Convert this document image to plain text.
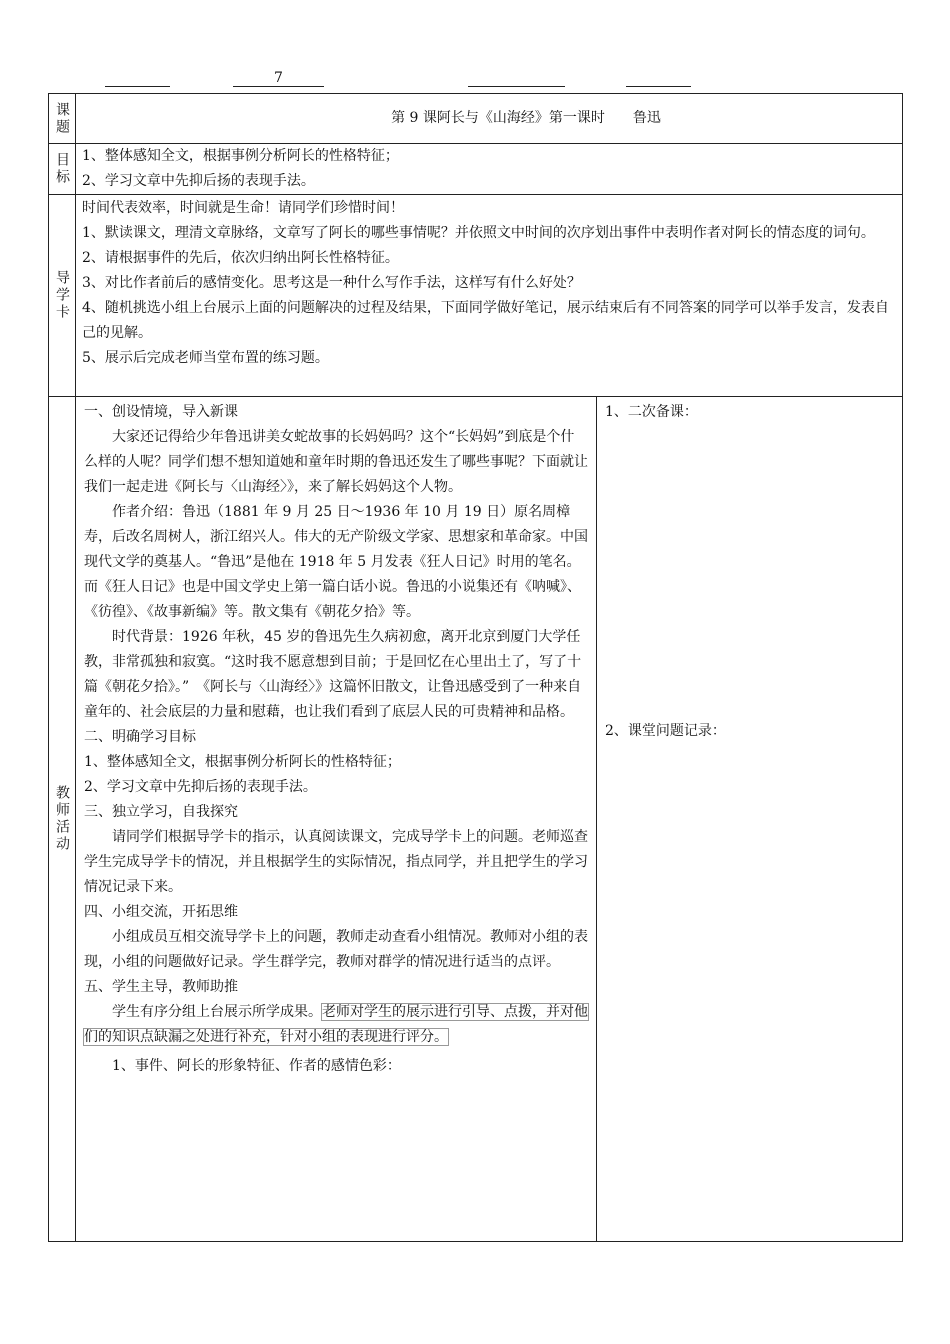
7
课题	第 9 课阿长与《山海经》第一课时　　鲁迅
目标 1、整体感知全文，根据事例分析阿长的性格特征；

2、学习文章中先抑后扬的表现手法。

导学卡

时间代表效率，时间就是生命！请同学们珍惜时间！

1、默读课文，理清文章脉络，文章写了阿长的哪些事情呢？并依照文中时间的次序划出事件中表明作者对阿长的情态度的词句。

2、请根据事件的先后，依次归纳出阿长性格特征。

3、对比作者前后的感情变化。思考这是一种什么写作手法，这样写有什么好处？

4、随机挑选小组上台展示上面的问题解决的过程及结果，下面同学做好笔记，展示结束后有不同答案的同学可以举手发言，发表自己的见解。

5、展示后完成老师当堂布置的练习题。

教师活动

一、创设情境，导入新课

大家还记得给少年鲁迅讲美女蛇故事的长妈妈吗？这个“长妈妈”到底是个什么样的人呢？同学们想不想知道她和童年时期的鲁迅还发生了哪些事呢？下面就让我们一起走进《阿长与〈山海经〉》，来了解长妈妈这个人物。

作者介绍：鲁迅（1881 年 9 月 25 日～1936 年 10 月 19 日）原名周樟寿，后改名周树人，浙江绍兴人。伟大的无产阶级文学家、思想家和革命家。中国现代文学的奠基人。“鲁迅”是他在 1918 年 5 月发表《狂人日记》时用的笔名。而《狂人日记》也是中国文学史上第一篇白话小说。鲁迅的小说集还有《呐喊》、《彷徨》、《故事新编》等。散文集有《朝花夕拾》等。

时代背景：1926 年秋，45 岁的鲁迅先生久病初愈，离开北京到厦门大学任教，非常孤独和寂寞。“这时我不愿意想到目前；于是回忆在心里出土了，写了十篇《朝花夕拾》。”　《阿长与〈山海经〉》这篇怀旧散文，让鲁迅感受到了一种来自童年的、社会底层的力量和慰藉，也让我们看到了底层人民的可贵精神和品格。

二、明确学习目标

1、整体感知全文，根据事例分析阿长的性格特征；

2、学习文章中先抑后扬的表现手法。

三、独立学习，自我探究

请同学们根据导学卡的指示，认真阅读课文，完成导学卡上的问题。老师巡查学生完成导学卡的情况，并且根据学生的实际情况，指点同学，并且把学生的学习情况记录下来。

四、小组交流，开拓思维

小组成员互相交流导学卡上的问题，教师走动查看小组情况。教师对小组的表现，小组的问题做好记录。学生群学完，教师对群学的情况进行适当的点评。

五、学生主导，教师助推

学生有序分组上台展示所学成果。老师对学生的展示进行引导、点拨，并对他们的知识点缺漏之处进行补充，针对小组的表现进行评分。

1、事件、阿长的形象特征、作者的感情色彩：

1、二次备课：

2、课堂问题记录：
